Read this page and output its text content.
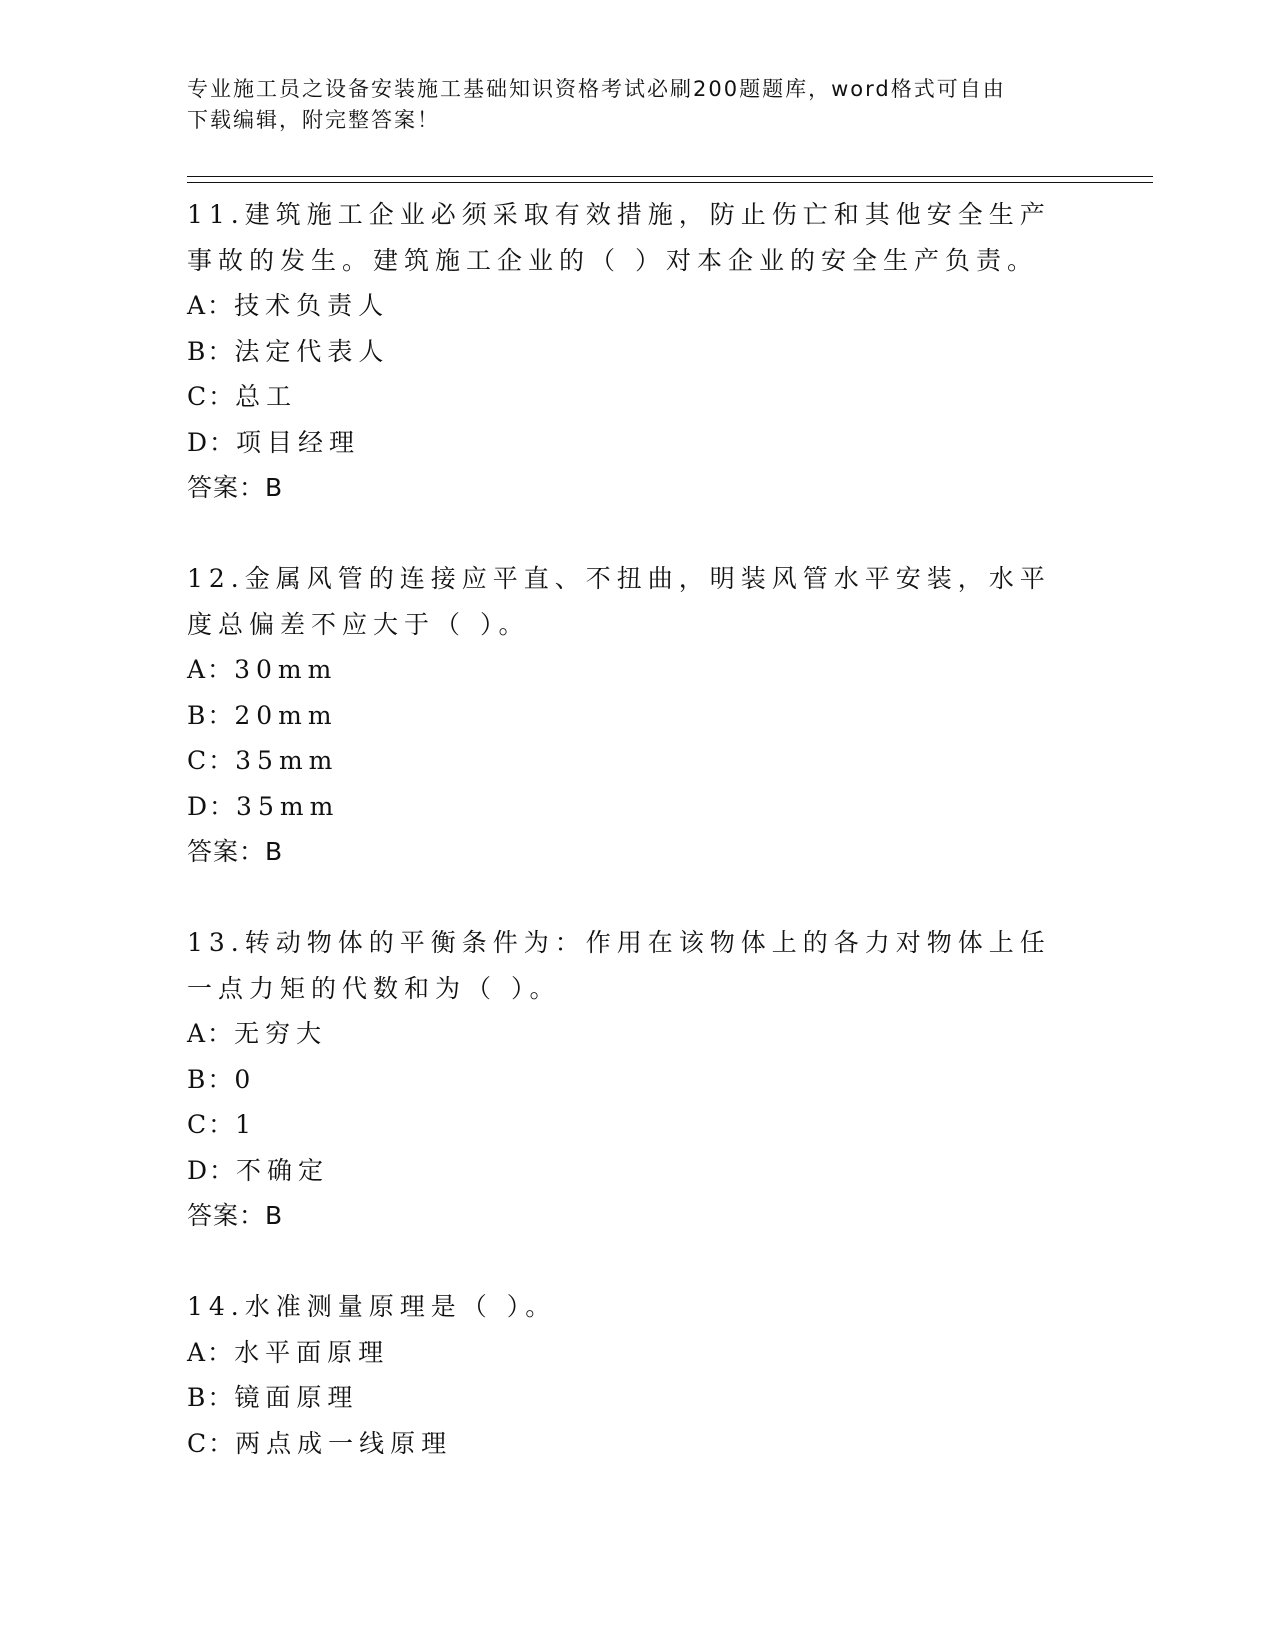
专业施工员之设备安装施工基础知识资格考试必刷200题题库，word格式可自由
下载编辑，附完整答案！
11.建筑施工企业必须采取有效措施，防止伤亡和其他安全生产事故的发生。建筑施工企业的（ ）对本企业的安全生产负责。
A：技术负责人
B：法定代表人
C：总工
D：项目经理
答案：B
12.金属风管的连接应平直、不扭曲，明装风管水平安装，水平度总偏差不应大于（ ）。
A：30mm
B：20mm
C：35mm
D：35mm
答案：B
13.转动物体的平衡条件为：作用在该物体上的各力对物体上任一点力矩的代数和为（ ）。
A：无穷大
B：0
C：1
D：不确定
答案：B
14.水准测量原理是（ ）。
A：水平面原理
B：镜面原理
C：两点成一线原理
